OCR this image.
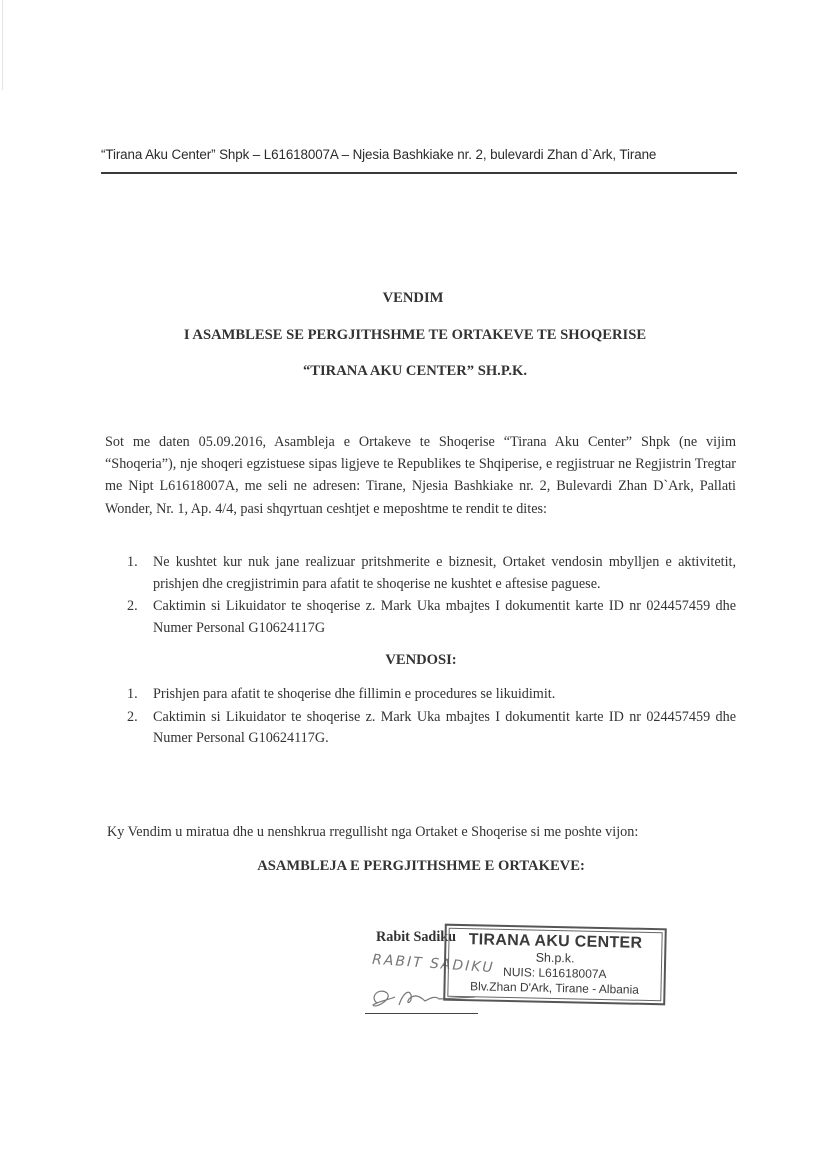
“Tirana Aku Center” Shpk – L61618007A – Njesia Bashkiake nr. 2, bulevardi Zhan d`Ark, Tirane
VENDIM
I ASAMBLESE SE PERGJITHSHME TE ORTAKEVE TE SHOQERISE
“TIRANA AKU CENTER” SH.P.K.
Sot me daten 05.09.2016, Asambleja e Ortakeve te Shoqerise “Tirana Aku Center” Shpk (ne vijim “Shoqeria”), nje shoqeri egzistuese sipas ligjeve te Republikes te Shqiperise, e regjistruar ne Regjistrin Tregtar me Nipt L61618007A, me seli ne adresen: Tirane, Njesia Bashkiake nr. 2, Bulevardi Zhan D`Ark, Pallati Wonder, Nr. 1, Ap. 4/4, pasi shqyrtuan ceshtjet e meposhtme te rendit te dites:
1. Ne kushtet kur nuk jane realizuar pritshmerite e biznesit, Ortaket vendosin mbylljen e aktivitetit, prishjen dhe cregjistrimin para afatit te shoqerise ne kushtet e aftesise paguese.
2. Caktimin si Likuidator te shoqerise z. Mark Uka mbajtes I dokumentit karte ID nr 024457459 dhe Numer Personal G10624117G
VENDOSI:
1. Prishjen para afatit te shoqerise dhe fillimin e procedures se likuidimit.
2. Caktimin si Likuidator te shoqerise z. Mark Uka mbajtes I dokumentit karte ID nr 024457459 dhe Numer Personal G10624117G.
Ky Vendim u miratua dhe u nenshkrua rregullisht nga Ortaket e Shoqerise si me poshte vijon:
ASAMBLEJA E PERGJITHSHME E ORTAKEVE:
Rabit Sadiku
RABIT SADIKU
TIRANA AKU CENTER
Sh.p.k.
NUIS: L61618007A
Blv.Zhan D'Ark, Tirane - Albania
